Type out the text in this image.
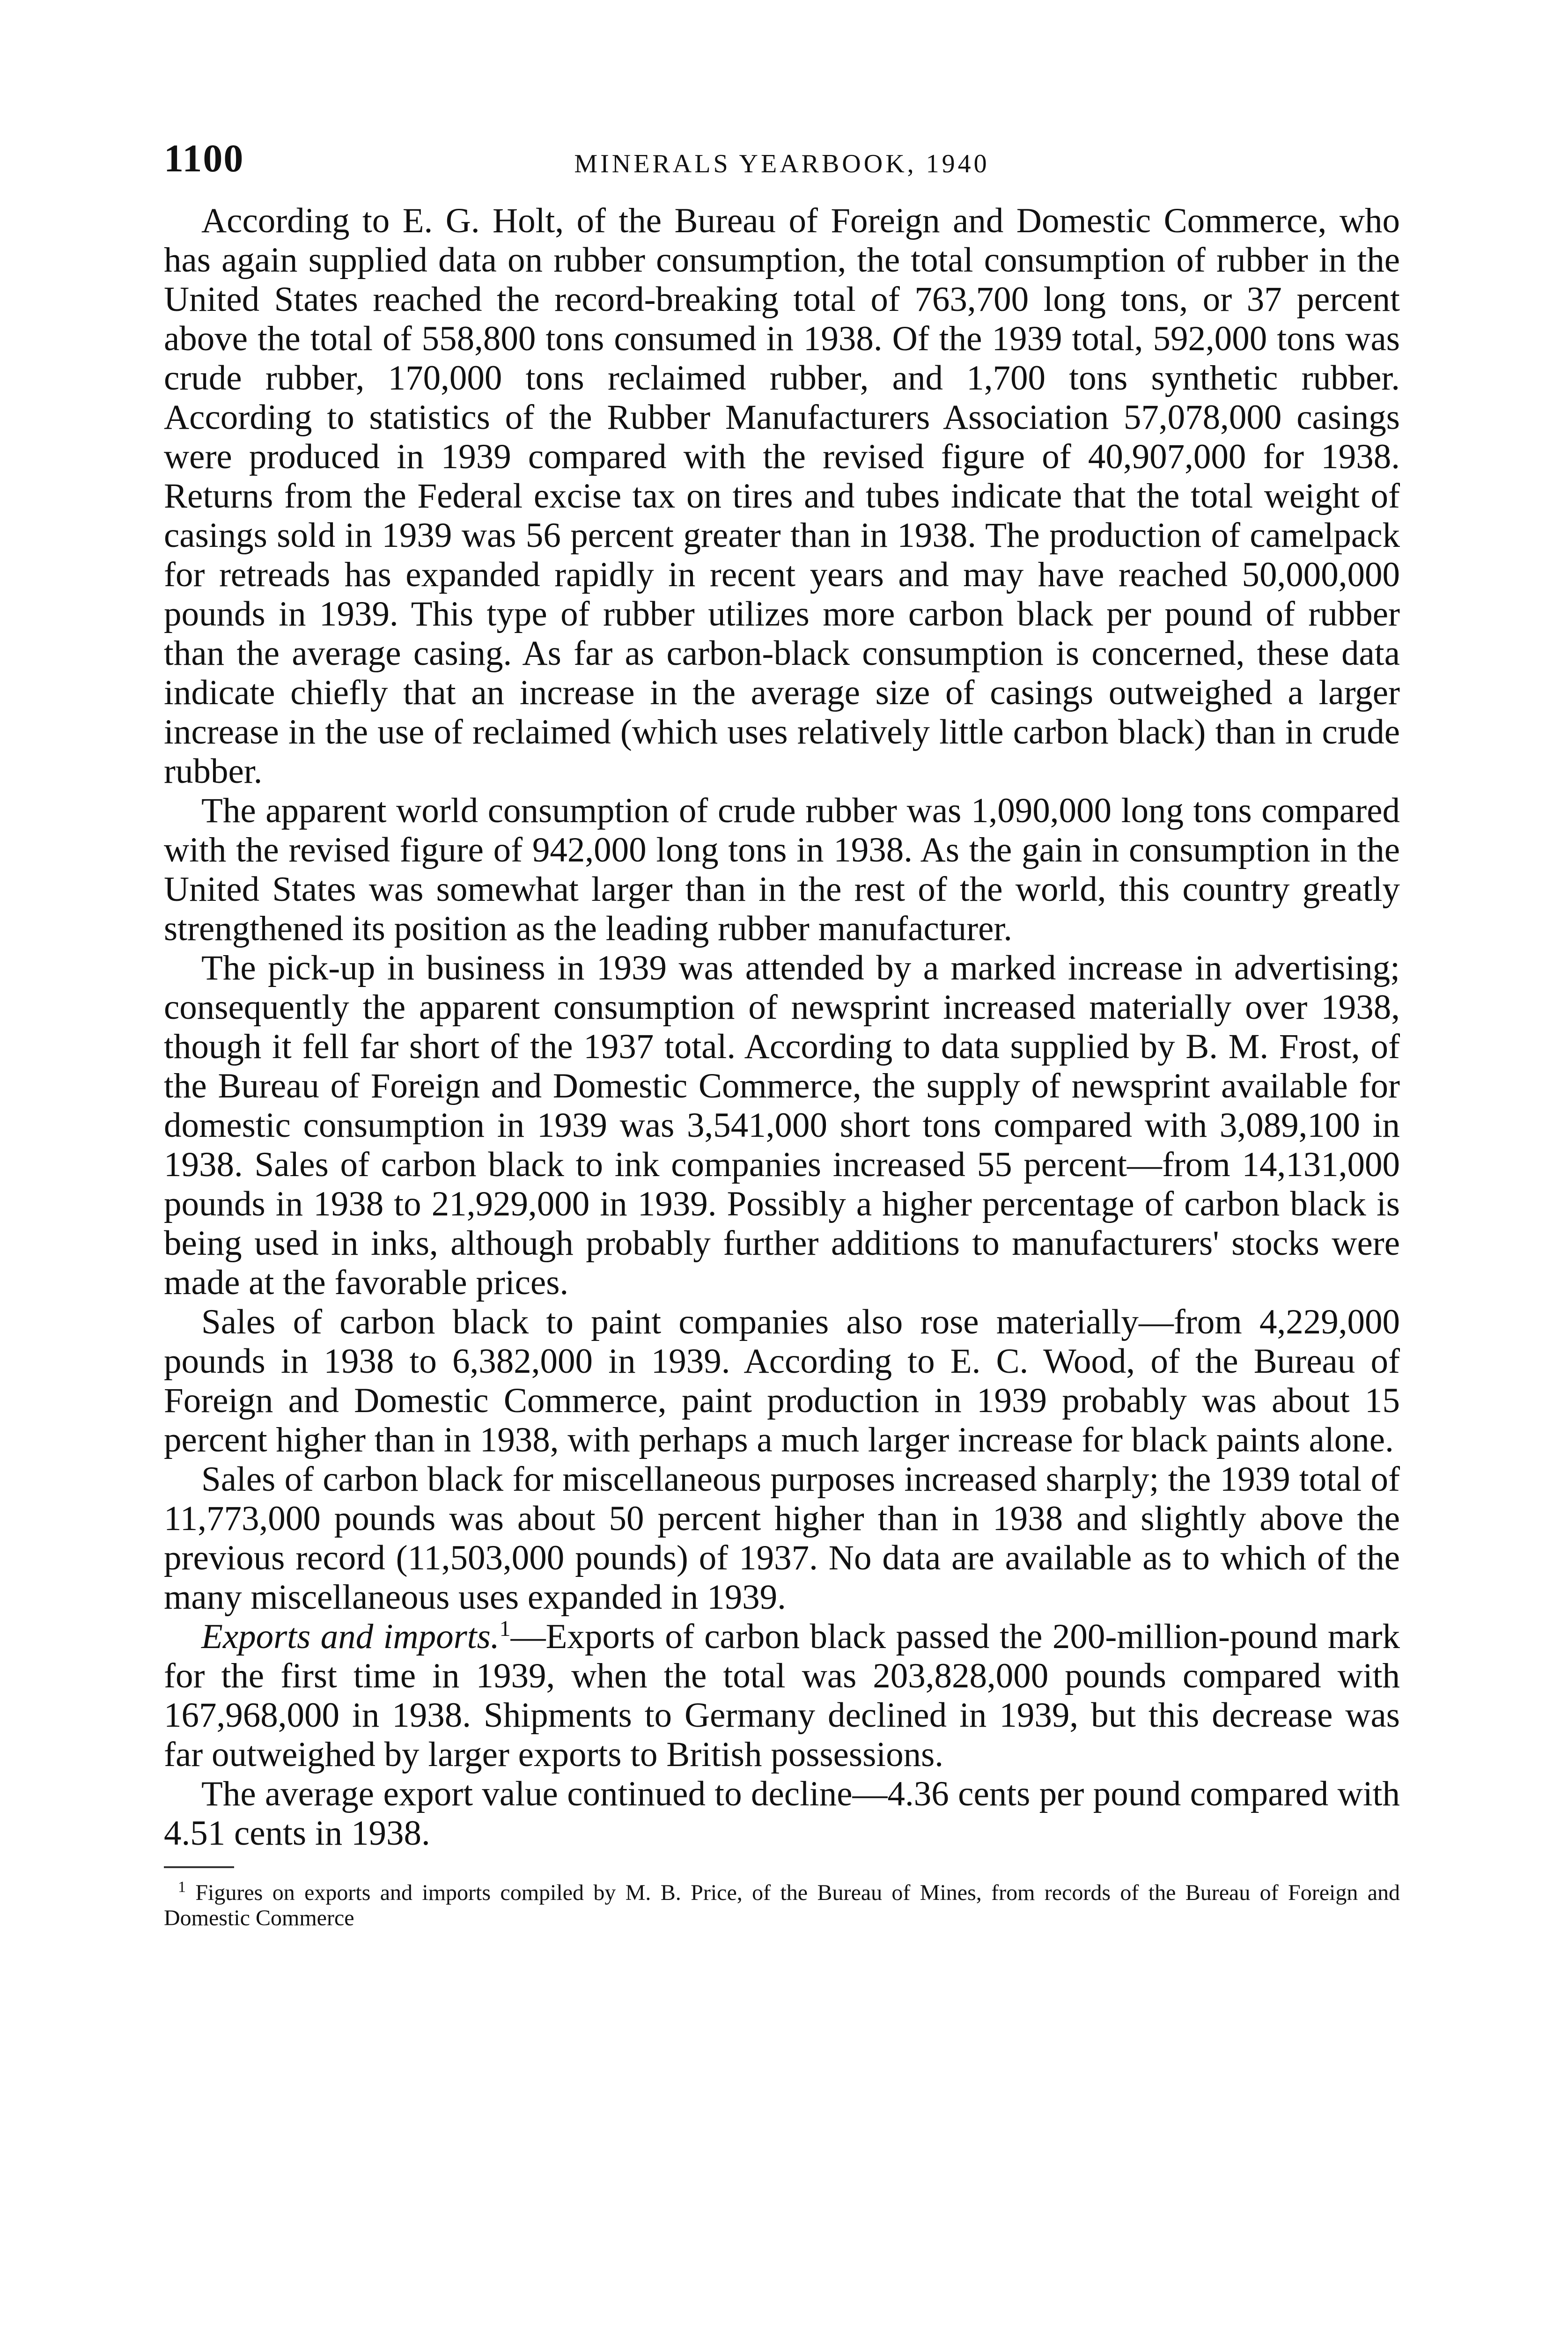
1100	MINERALS YEARBOOK, 1940

According to E. G. Holt, of the Bureau of Foreign and Domestic Commerce, who has again supplied data on rubber consumption, the total consumption of rubber in the United States reached the record-breaking total of 763,700 long tons, or 37 percent above the total of 558,800 tons consumed in 1938. Of the 1939 total, 592,000 tons was crude rubber, 170,000 tons reclaimed rubber, and 1,700 tons synthetic rubber. According to statistics of the Rubber Manufacturers Association 57,078,000 casings were produced in 1939 compared with the revised figure of 40,907,000 for 1938. Returns from the Federal excise tax on tires and tubes indicate that the total weight of casings sold in 1939 was 56 percent greater than in 1938. The production of camelpack for retreads has expanded rapidly in recent years and may have reached 50,000,000 pounds in 1939. This type of rubber utilizes more carbon black per pound of rubber than the average casing. As far as carbon-black consumption is concerned, these data indicate chiefly that an increase in the average size of casings outweighed a larger increase in the use of reclaimed (which uses relatively little carbon black) than in crude rubber.

The apparent world consumption of crude rubber was 1,090,000 long tons compared with the revised figure of 942,000 long tons in 1938. As the gain in consumption in the United States was somewhat larger than in the rest of the world, this country greatly strengthened its position as the leading rubber manufacturer.

The pick-up in business in 1939 was attended by a marked increase in advertising; consequently the apparent consumption of newsprint increased materially over 1938, though it fell far short of the 1937 total. According to data supplied by B. M. Frost, of the Bureau of Foreign and Domestic Commerce, the supply of newsprint available for domestic consumption in 1939 was 3,541,000 short tons compared with 3,089,100 in 1938. Sales of carbon black to ink companies increased 55 percent—from 14,131,000 pounds in 1938 to 21,929,000 in 1939. Possibly a higher percentage of carbon black is being used in inks, although probably further additions to manufacturers' stocks were made at the favorable prices.

Sales of carbon black to paint companies also rose materially—from 4,229,000 pounds in 1938 to 6,382,000 in 1939. According to E. C. Wood, of the Bureau of Foreign and Domestic Commerce, paint production in 1939 probably was about 15 percent higher than in 1938, with perhaps a much larger increase for black paints alone.

Sales of carbon black for miscellaneous purposes increased sharply; the 1939 total of 11,773,000 pounds was about 50 percent higher than in 1938 and slightly above the previous record (11,503,000 pounds) of 1937. No data are available as to which of the many miscellaneous uses expanded in 1939.

Exports and imports.$^1$—Exports of carbon black passed the 200-million-pound mark for the first time in 1939, when the total was 203,828,000 pounds compared with 167,968,000 in 1938. Shipments to Germany declined in 1939, but this decrease was far outweighed by larger exports to British possessions.

The average export value continued to decline—4.36 cents per pound compared with 4.51 cents in 1938.

$^1$ Figures on exports and imports compiled by M. B. Price, of the Bureau of Mines, from records of the Bureau of Foreign and Domestic Commerce
